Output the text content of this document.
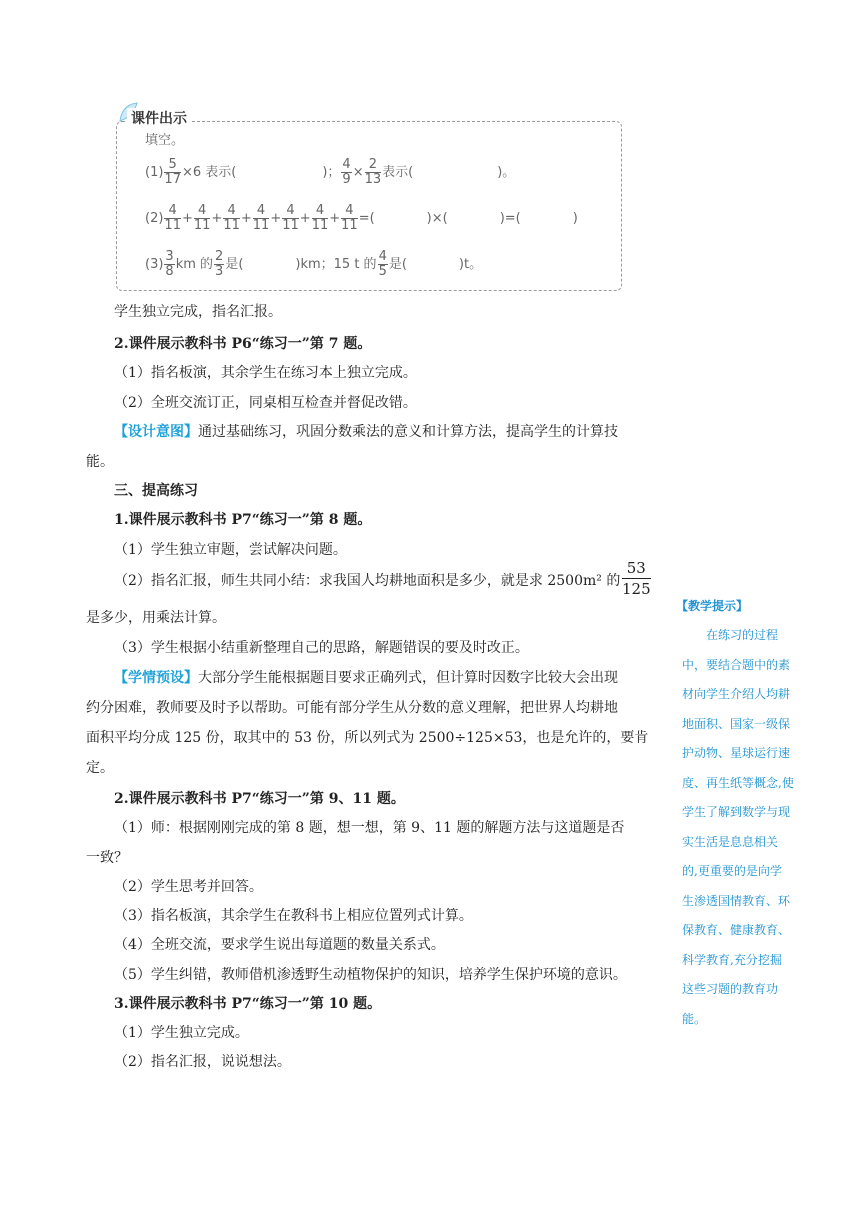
课件出示
填空。
$(1) \frac{5}{17} \times 6$ 表示(	)； $\frac{4}{9} \times \frac{2}{13}$ 表示(	)。
$(2) \frac{4}{11} + \frac{4}{11} + \frac{4}{11} + \frac{4}{11} + \frac{4}{11} + \frac{4}{11} + \frac{4}{11}$ =(　　　　)×(　　　　)=(　　　　)
$(3) \frac{3}{8}$ km 的 $\frac{2}{3}$ 是(　　　　)km；15 t 的 $\frac{4}{5}$ 是(　　　　)t。
学生独立完成，指名汇报。
2.课件展示教科书 P6“练习一”第 7 题。
（1）指名板演，其余学生在练习本上独立完成。
（2）全班交流订正，同桌相互检查并督促改错。
【设计意图】通过基础练习，巩固分数乘法的意义和计算方法，提高学生的计算技
能。
三、提高练习
1.课件展示教科书 P7“练习一”第 8 题。
（1）学生独立审题，尝试解决问题。
（2）指名汇报，师生共同小结：求我国人均耕地面积是多少，就是求 2500m² 的
53
125
是多少，用乘法计算。
（3）学生根据小结重新整理自己的思路，解题错误的要及时改正。
【学情预设】大部分学生能根据题目要求正确列式，但计算时因数字比较大会出现
约分困难，教师要及时予以帮助。可能有部分学生从分数的意义理解，把世界人均耕地
面积平均分成 125 份，取其中的 53 份，所以列式为 2500÷125×53，也是允许的，要肯
定。
2.课件展示教科书 P7“练习一”第 9、11 题。
（1）师：根据刚刚完成的第 8 题，想一想，第 9、11 题的解题方法与这道题是否
一致？
（2）学生思考并回答。
（3）指名板演，其余学生在教科书上相应位置列式计算。
（4）全班交流，要求学生说出每道题的数量关系式。
（5）学生纠错，教师借机渗透野生动植物保护的知识，培养学生保护环境的意识。
3.课件展示教科书 P7“练习一”第 10 题。
（1）学生独立完成。
（2）指名汇报，说说想法。
【教学提示】
　　在练习的过程
中，要结合题中的素
材向学生介绍人均耕
地面积、国家一级保
护动物、星球运行速
度、再生纸等概念,使
学生了解到数学与现
实生活是息息相关
的,更重要的是向学
生渗透国情教育、环
保教育、健康教育、
科学教育,充分挖掘
这些习题的教育功
能。
